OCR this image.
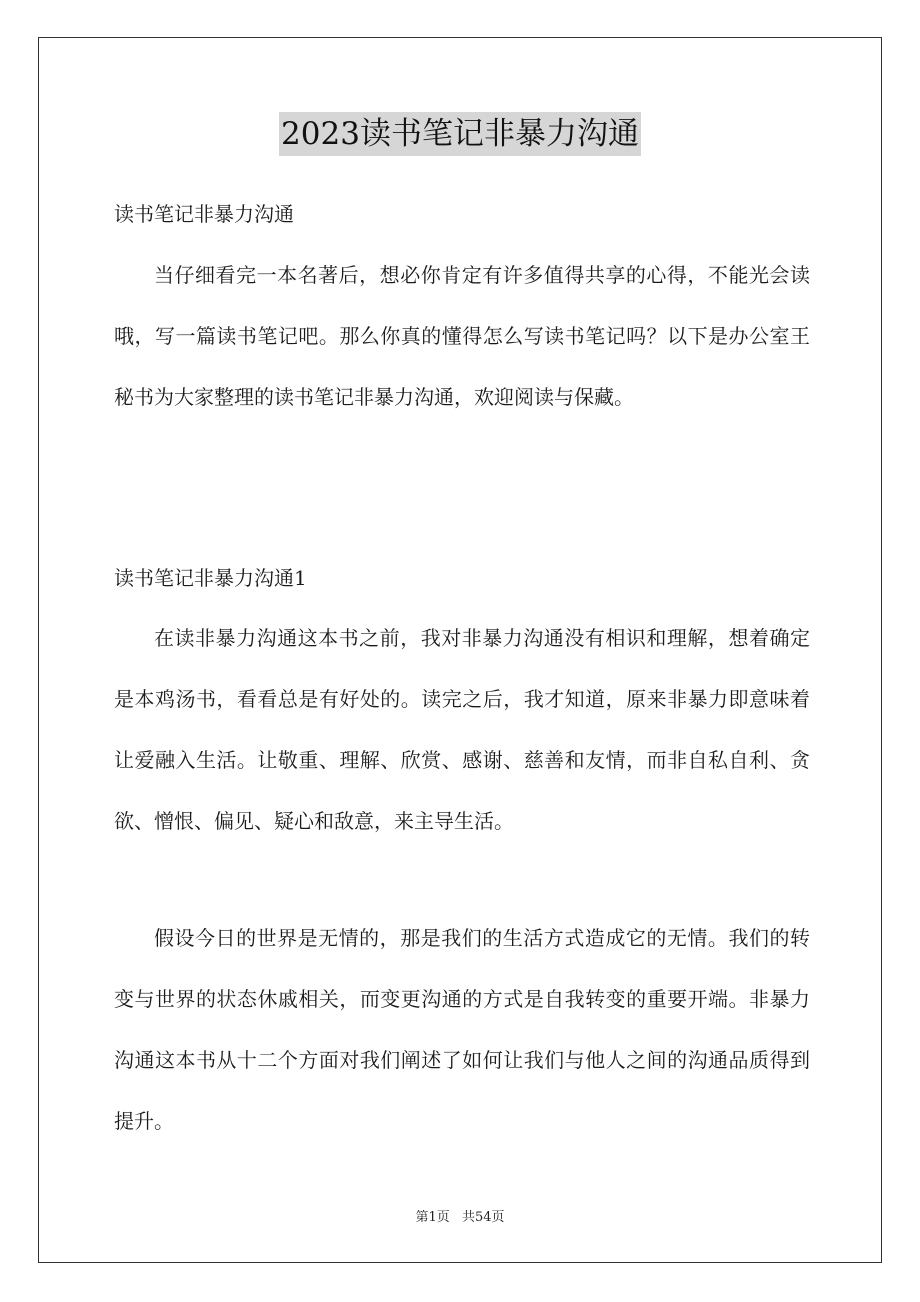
2023读书笔记非暴力沟通
读书笔记非暴力沟通

当仔细看完一本名著后，想必你肯定有许多值得共享的心得，不能光会读哦，写一篇读书笔记吧。那么你真的懂得怎么写读书笔记吗？以下是办公室王秘书为大家整理的读书笔记非暴力沟通，欢迎阅读与保藏。

读书笔记非暴力沟通1

在读非暴力沟通这本书之前，我对非暴力沟通没有相识和理解，想着确定是本鸡汤书，看看总是有好处的。读完之后，我才知道，原来非暴力即意味着让爱融入生活。让敬重、理解、欣赏、感谢、慈善和友情，而非自私自利、贪欲、憎恨、偏见、疑心和敌意，来主导生活。

假设今日的世界是无情的，那是我们的生活方式造成它的无情。我们的转变与世界的状态休戚相关，而变更沟通的方式是自我转变的重要开端。非暴力沟通这本书从十二个方面对我们阐述了如何让我们与他人之间的沟通品质得到提升。

第1页 共54页
